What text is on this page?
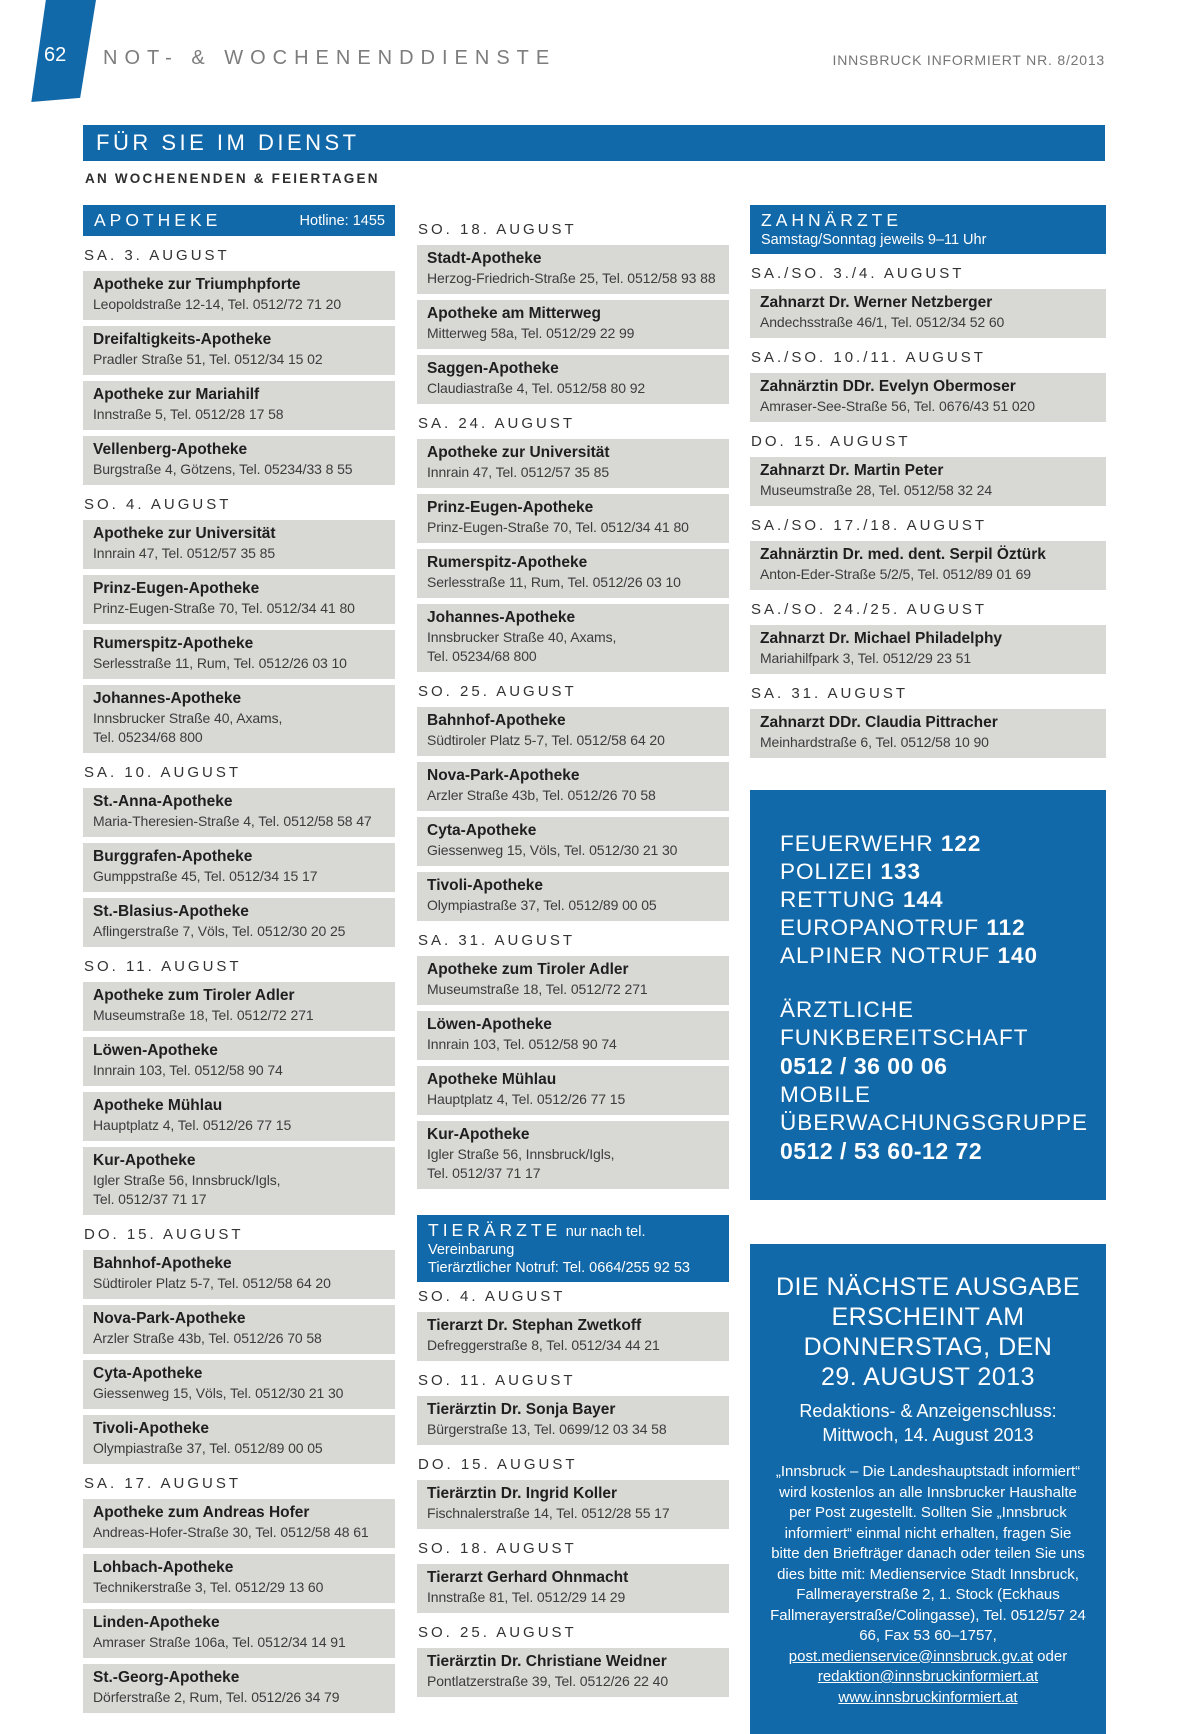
62 NOT- & WOCHENENDDIENSTE	INNSBRUCK INFORMIERT NR. 8/2013
FÜR SIE IM DIENST
AN WOCHENENDEN & FEIERTAGEN
APOTHEKE	Hotline: 1455
SA. 3. AUGUST
Apotheke zur Triumphpforte
Leopoldstraße 12-14, Tel. 0512/72 71 20
Dreifaltigkeits-Apotheke
Pradler Straße 51, Tel. 0512/34 15 02
Apotheke zur Mariahilf
Innstraße 5, Tel. 0512/28 17 58
Vellenberg-Apotheke
Burgstraße 4, Götzens, Tel. 05234/33 8 55
SO. 4. AUGUST
Apotheke zur Universität
Innrain 47, Tel. 0512/57 35 85
Prinz-Eugen-Apotheke
Prinz-Eugen-Straße 70, Tel. 0512/34 41 80
Rumerspitz-Apotheke
Serlesstraße 11, Rum, Tel. 0512/26 03 10
Johannes-Apotheke
Innsbrucker Straße 40, Axams,
Tel. 05234/68 800
SA. 10. AUGUST
St.-Anna-Apotheke
Maria-Theresien-Straße 4, Tel. 0512/58 58 47
Burggrafen-Apotheke
Gumppstraße 45, Tel. 0512/34 15 17
St.-Blasius-Apotheke
Aflingerstraße 7, Völs, Tel. 0512/30 20 25
SO. 11. AUGUST
Apotheke zum Tiroler Adler
Museumstraße 18, Tel. 0512/72 271
Löwen-Apotheke
Innrain 103, Tel. 0512/58 90 74
Apotheke Mühlau
Hauptplatz 4, Tel. 0512/26 77 15
Kur-Apotheke
Igler Straße 56, Innsbruck/Igls,
Tel. 0512/37 71 17
DO. 15. AUGUST
Bahnhof-Apotheke
Südtiroler Platz 5-7, Tel. 0512/58 64 20
Nova-Park-Apotheke
Arzler Straße 43b, Tel. 0512/26 70 58
Cyta-Apotheke
Giessenweg 15, Völs, Tel. 0512/30 21 30
Tivoli-Apotheke
Olympiastraße 37, Tel. 0512/89 00 05
SA. 17. AUGUST
Apotheke zum Andreas Hofer
Andreas-Hofer-Straße 30, Tel. 0512/58 48 61
Lohbach-Apotheke
Technikerstraße 3, Tel. 0512/29 13 60
Linden-Apotheke
Amraser Straße 106a, Tel. 0512/34 14 91
St.-Georg-Apotheke
Dörferstraße 2, Rum, Tel. 0512/26 34 79
SO. 18. AUGUST
Stadt-Apotheke
Herzog-Friedrich-Straße 25, Tel. 0512/58 93 88
Apotheke am Mitterweg
Mitterweg 58a, Tel. 0512/29 22 99
Saggen-Apotheke
Claudiastraße 4, Tel. 0512/58 80 92
SA. 24. AUGUST
Apotheke zur Universität
Innrain 47, Tel. 0512/57 35 85
Prinz-Eugen-Apotheke
Prinz-Eugen-Straße 70, Tel. 0512/34 41 80
Rumerspitz-Apotheke
Serlesstraße 11, Rum, Tel. 0512/26 03 10
Johannes-Apotheke
Innsbrucker Straße 40, Axams,
Tel. 05234/68 800
SO. 25. AUGUST
Bahnhof-Apotheke
Südtiroler Platz 5-7, Tel. 0512/58 64 20
Nova-Park-Apotheke
Arzler Straße 43b, Tel. 0512/26 70 58
Cyta-Apotheke
Giessenweg 15, Völs, Tel. 0512/30 21 30
Tivoli-Apotheke
Olympiastraße 37, Tel. 0512/89 00 05
SA. 31. AUGUST
Apotheke zum Tiroler Adler
Museumstraße 18, Tel. 0512/72 271
Löwen-Apotheke
Innrain 103, Tel. 0512/58 90 74
Apotheke Mühlau
Hauptplatz 4, Tel. 0512/26 77 15
Kur-Apotheke
Igler Straße 56, Innsbruck/Igls,
Tel. 0512/37 71 17
TIERÄRZTE nur nach tel. Vereinbarung
Tierärztlicher Notruf: Tel. 0664/255 92 53
SO. 4. AUGUST
Tierarzt Dr. Stephan Zwetkoff
Defreggerstraße 8, Tel. 0512/34 44 21
SO. 11. AUGUST
Tierärztin Dr. Sonja Bayer
Bürgerstraße 13, Tel. 0699/12 03 34 58
DO. 15. AUGUST
Tierärztin Dr. Ingrid Koller
Fischnalerstraße 14, Tel. 0512/28 55 17
SO. 18. AUGUST
Tierarzt Gerhard Ohnmacht
Innstraße 81, Tel. 0512/29 14 29
SO. 25. AUGUST
Tierärztin Dr. Christiane Weidner
Pontlatzerstraße 39, Tel. 0512/26 22 40
ZAHNÄRZTE
Samstag/Sonntag jeweils 9–11 Uhr
SA./SO. 3./4. AUGUST
Zahnarzt Dr. Werner Netzberger
Andechsstraße 46/1, Tel. 0512/34 52 60
SA./SO. 10./11. AUGUST
Zahnärztin DDr. Evelyn Obermoser
Amraser-See-Straße 56, Tel. 0676/43 51 020
DO. 15. AUGUST
Zahnarzt Dr. Martin Peter
Museumstraße 28, Tel. 0512/58 32 24
SA./SO. 17./18. AUGUST
Zahnärztin Dr. med. dent. Serpil Öztürk
Anton-Eder-Straße 5/2/5, Tel. 0512/89 01 69
SA./SO. 24./25. AUGUST
Zahnarzt Dr. Michael Philadelphy
Mariahilfpark 3, Tel. 0512/29 23 51
SA. 31. AUGUST
Zahnarzt DDr. Claudia Pittracher
Meinhardstraße 6, Tel. 0512/58 10 90
FEUERWEHR 122
POLIZEI 133
RETTUNG 144
EUROPANOTRUF 112
ALPINER NOTRUF 140
ÄRZTLICHE FUNKBEREITSCHAFT
0512 / 36 00 06
MOBILE ÜBERWACHUNGSGRUPPE
0512 / 53 60-12 72
DIE NÄCHSTE AUSGABE
ERSCHEINT AM
DONNERSTAG, DEN
29. AUGUST 2013
Redaktions- & Anzeigenschluss:
Mittwoch, 14. August 2013
„Innsbruck – Die Landeshauptstadt informiert“ wird kostenlos an alle Innsbrucker Haushalte per Post zugestellt. Sollten Sie „Innsbruck informiert“ einmal nicht erhalten, fragen Sie bitte den Briefträger danach oder teilen Sie uns dies bitte mit: Medienservice Stadt Innsbruck, Fallmerayerstraße 2, 1. Stock (Eckhaus Fallmerayerstraße/Colingasse), Tel. 0512/57 24 66, Fax 53 60–1757, post.medienservice@innsbruck.gv.at oder redaktion@innsbruckinformiert.at www.innsbruckinformiert.at
